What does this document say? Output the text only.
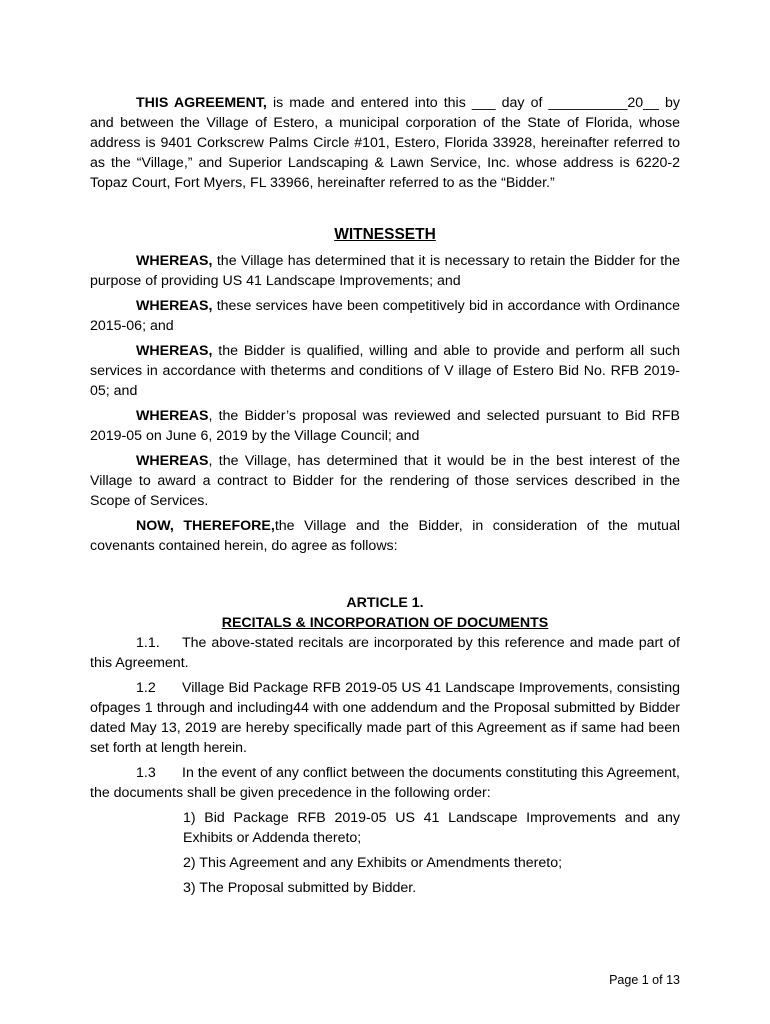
THIS AGREEMENT, is made and entered into this ___ day of __________20__ by and between the Village of Estero, a municipal corporation of the State of Florida, whose address is 9401 Corkscrew Palms Circle #101, Estero, Florida 33928, hereinafter referred to as the “Village,” and Superior Landscaping & Lawn Service, Inc. whose address is 6220-2 Topaz Court, Fort Myers, FL 33966, hereinafter referred to as the “Bidder.”

WITNESSETH

WHEREAS, the Village has determined that it is necessary to retain the Bidder for the purpose of providing US 41 Landscape Improvements; and

WHEREAS, these services have been competitively bid in accordance with Ordinance 2015-06; and

WHEREAS, the Bidder is qualified, willing and able to provide and perform all such services in accordance with theterms and conditions of V illage of Estero Bid No. RFB 2019-05; and

WHEREAS, the Bidder’s proposal was reviewed and selected pursuant to Bid RFB 2019-05 on June 6, 2019 by the Village Council; and

WHEREAS, the Village, has determined that it would be in the best interest of the Village to award a contract to Bidder for the rendering of those services described in the Scope of Services.

NOW, THEREFORE,the Village and the Bidder, in consideration of the mutual covenants contained herein, do agree as follows:

ARTICLE 1.
RECITALS & INCORPORATION OF DOCUMENTS

1.1. The above-stated recitals are incorporated by this reference and made part of this Agreement.

1.2 Village Bid Package RFB 2019-05 US 41 Landscape Improvements, consisting ofpages 1 through and including44 with one addendum and the Proposal submitted by Bidder dated May 13, 2019 are hereby specifically made part of this Agreement as if same had been set forth at length herein.

1.3 In the event of any conflict between the documents constituting this Agreement, the documents shall be given precedence in the following order:

1) Bid Package RFB 2019-05 US 41 Landscape Improvements and any Exhibits or Addenda thereto;

2) This Agreement and any Exhibits or Amendments thereto;

3) The Proposal submitted by Bidder.

Page 1 of 13
